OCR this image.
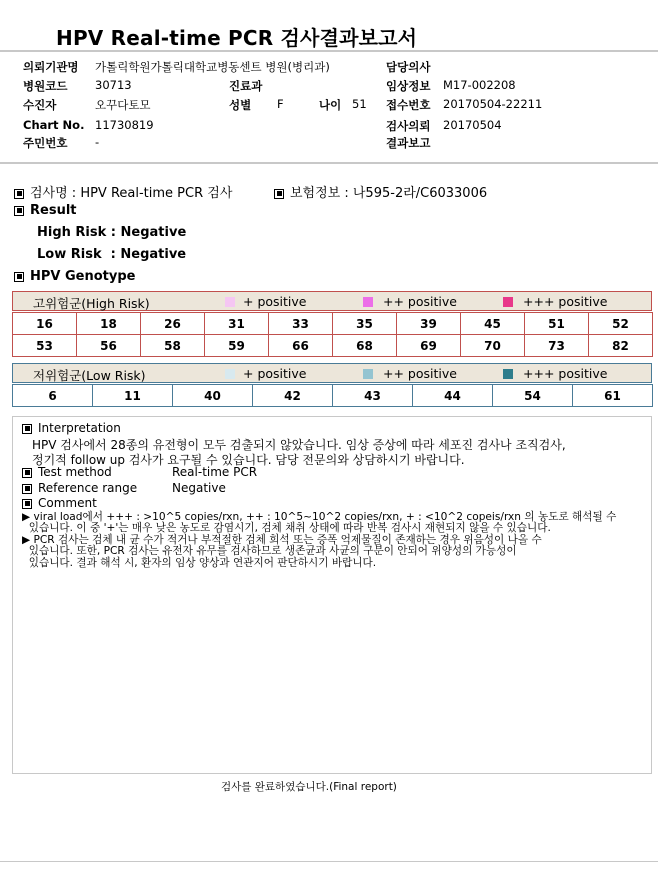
HPV Real-time PCR 검사결과보고서
의뢰기관명 가톨릭학원가톨릭대학교병동센트 병원(병리과)	담당의사
병원코드 30713	진료과	임상정보 M17-002208
수진자	오꾸다토모	성별 F	나이 51 접수번호 20170504-22211
Chart No. 11730819	검사의뢰 20170504
주민번호 -	결과보고
검사명 : HPV Real-time PCR 검사	보험정보 : 나595-2라/C6033006
Result
High Risk : Negative
Low Risk  : Negative
HPV Genotype
고위험군(High Risk)	+ positive	++ positive	+++ positive
16	18	26	31	33	35	39	45	51	52
53	56	58	59	66	68	69	70	73	82
저위험군(Low Risk)	+ positive	++ positive	+++ positive
6	11	40	42	43	44	54	61
Interpretation
HPV 검사에서 28종의 유전형이 모두 검출되지 않았습니다. 임상 증상에 따라 세포진 검사나 조직검사,
정기적 follow up 검사가 요구될 수 있습니다. 담당 전문의와 상담하시기 바랍니다.
Test method	Real-time PCR
Reference range	Negative
Comment
▶ viral load에서 +++ : >10^5 copies/rxn, ++ : 10^5~10^2 copies/rxn, + : <10^2 copeis/rxn 의 농도로 해석될 수
있습니다. 이 중 '+'는 매우 낮은 농도로 감염시기, 검체 채취 상태에 따라 반복 검사시 재현되지 않을 수 있습니다.
▶ PCR 검사는 검체 내 균 수가 적거나 부적절한 검체 희석 또는 증폭 억제물질이 존재하는 경우 위음성이 나올 수
있습니다. 또한, PCR 검사는 유전자 유무를 검사하므로 생존균과 사균의 구분이 안되어 위양성의 가능성이
있습니다. 결과 해석 시, 환자의 임상 양상과 연관지어 판단하시기 바랍니다.
검사를 완료하였습니다.(Final report)
